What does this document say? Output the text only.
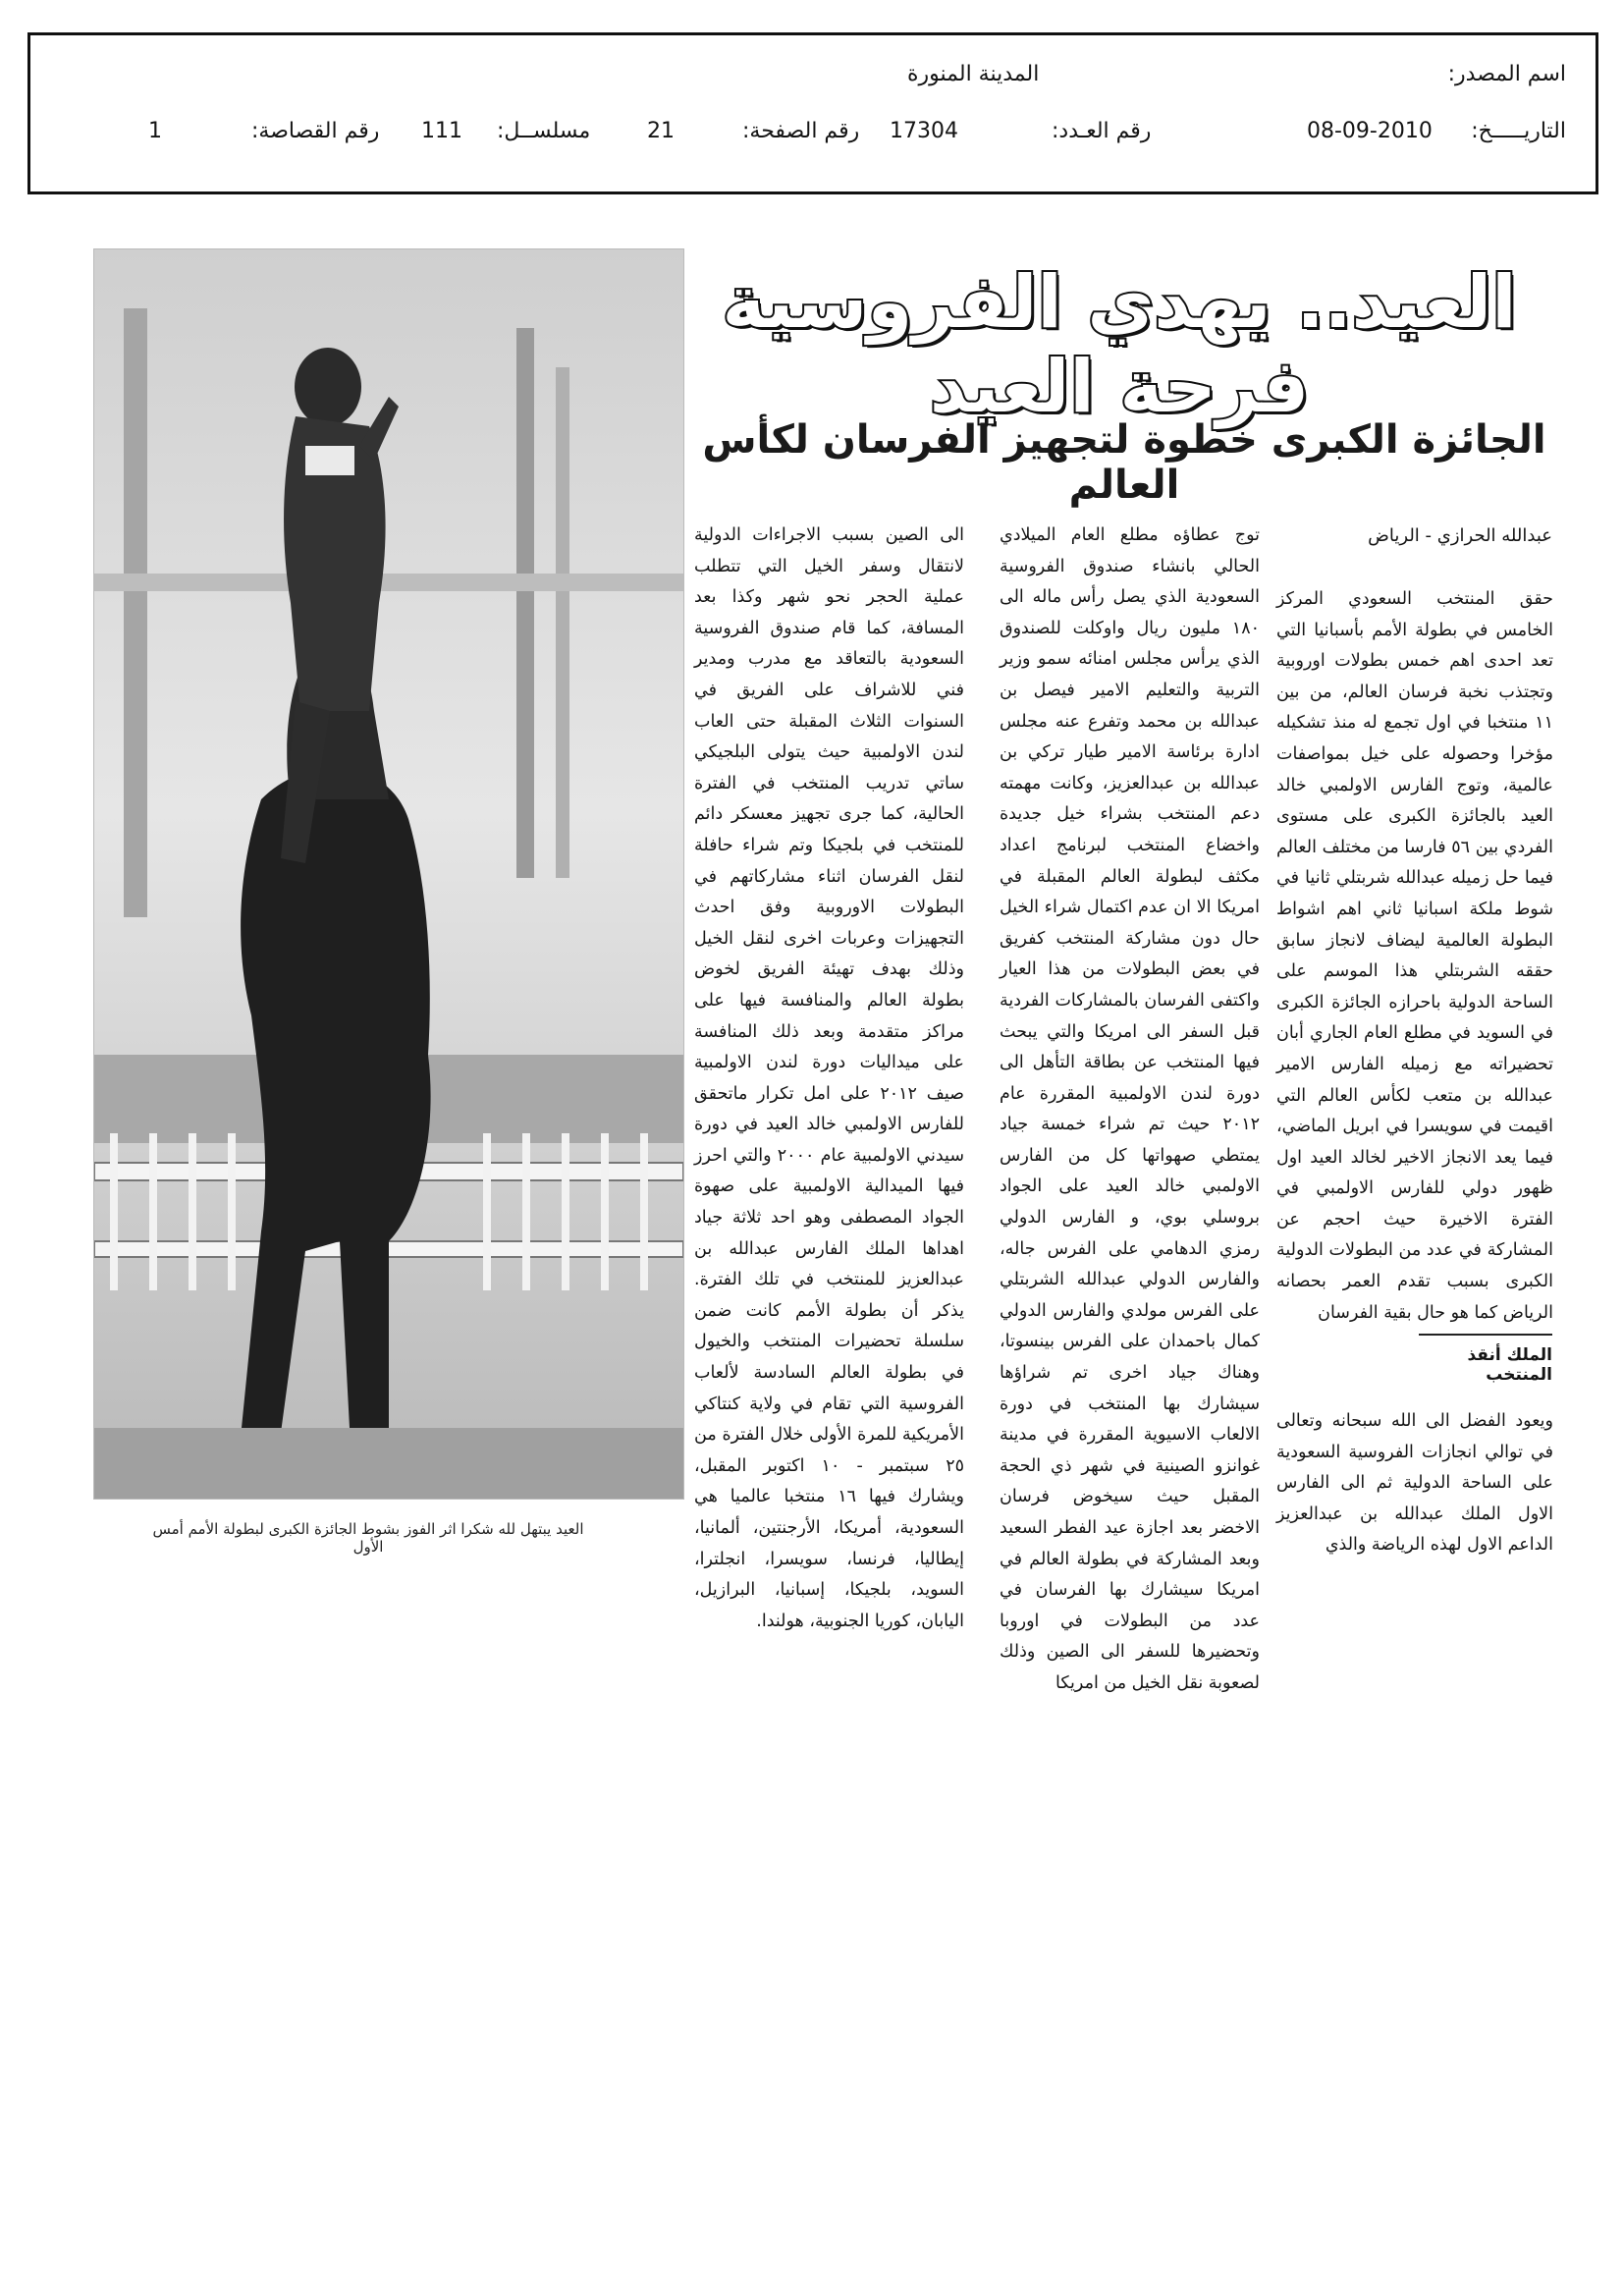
اسم المصدر:
المدينة المنورة
التاريـــــخ:
08-09-2010
رقم العـدد:
17304
رقم الصفحة:
21
مسلســل:
111
رقم القصاصة:
1
العيد يبتهل لله شكرا اثر الفوز بشوط الجائزة الكبرى لبطولة الأمم أمس الأول
العيد.. يهدي الفروسية فرحة العيد
الجائزة الكبرى خطوة لتجهيز الفرسان لكأس العالم
عبدالله الحرازي - الرياض

حقق المنتخب السعودي المركز الخامس في بطولة الأمم بأسبانيا التي تعد احدى اهم خمس بطولات اوروبية وتجتذب نخبة فرسان العالم، من بين ١١ منتخبا في اول تجمع له منذ تشكيله مؤخرا وحصوله على خيل بمواصفات عالمية، وتوج الفارس الاولمبي خالد العيد بالجائزة الكبرى على مستوى الفردي بين ٥٦ فارسا من مختلف العالم فيما حل زميله عبدالله شربتلي ثانيا في شوط ملكة اسبانيا ثاني اهم اشواط البطولة العالمية ليضاف لانجاز سابق حققه الشربتلي هذا الموسم على الساحة الدولية باحرازه الجائزة الكبرى في السويد في مطلع العام الجاري أبان تحضيراته مع زميله الفارس الامير عبدالله بن متعب لكأس العالم التي اقيمت في سويسرا في ابريل الماضي، فيما يعد الانجاز الاخير لخالد العيد اول ظهور دولي للفارس الاولمبي في الفترة الاخيرة حيث احجم عن المشاركة في عدد من البطولات الدولية الكبرى بسبب تقدم العمر بحصانه الرياض كما هو حال بقية الفرسان

الملك أنقذ المنتخب

ويعود الفضل الى الله سبحانه وتعالى في توالي انجازات الفروسية السعودية على الساحة الدولية ثم الى الفارس الاول الملك عبدالله بن عبدالعزيز الداعم الاول لهذه الرياضة والذي

توج عطاؤه مطلع العام الميلادي الحالي بانشاء صندوق الفروسية السعودية الذي يصل رأس ماله الى ١٨٠ مليون ريال واوكلت للصندوق الذي يرأس مجلس امنائه سمو وزير التربية والتعليم الامير فيصل بن عبدالله بن محمد وتفرع عنه مجلس ادارة برئاسة الامير طيار تركي بن عبدالله بن عبدالعزيز، وكانت مهمته دعم المنتخب بشراء خيل جديدة واخضاع المنتخب لبرنامج اعداد مكثف لبطولة العالم المقبلة في امريكا الا ان عدم اكتمال شراء الخيل حال دون مشاركة المنتخب كفريق في بعض البطولات من هذا العيار واكتفى الفرسان بالمشاركات الفردية قبل السفر الى امريكا والتي يبحث فيها المنتخب عن بطاقة التأهل الى دورة لندن الاولمبية المقررة عام ٢٠١٢ حيث تم شراء خمسة جياد يمتطي صهواتها كل من الفارس الاولمبي خالد العيد على الجواد بروسلي بوي، و الفارس الدولي رمزي الدهامي على الفرس جاله، والفارس الدولي عبدالله الشربتلي على الفرس مولدي والفارس الدولي كمال باحمدان على الفرس بينسوتا، وهناك جياد اخرى تم شراؤها سيشارك بها المنتخب في دورة الالعاب الاسيوية المقررة في مدينة غوانزو الصينية في شهر ذي الحجة المقبل حيث سيخوض فرسان الاخضر بعد اجازة عيد الفطر السعيد وبعد المشاركة في بطولة العالم في امريكا سيشارك بها الفرسان في عدد من البطولات في اوروبا وتحضيرها للسفر الى الصين وذلك لصعوبة نقل الخيل من امريكا

الى الصين بسبب الاجراءات الدولية لانتقال وسفر الخيل التي تتطلب عملية الحجر نحو شهر وكذا بعد المسافة، كما قام صندوق الفروسية السعودية بالتعاقد مع مدرب ومدير فني للاشراف على الفريق في السنوات الثلاث المقبلة حتى العاب لندن الاولمبية حيث يتولى البلجيكي ساتي تدريب المنتخب في الفترة الحالية، كما جرى تجهيز معسكر دائم للمنتخب في بلجيكا وتم شراء حافلة لنقل الفرسان اثناء مشاركاتهم في البطولات الاوروبية وفق احدث التجهيزات وعربات اخرى لنقل الخيل وذلك بهدف تهيئة الفريق لخوض بطولة العالم والمنافسة فيها على مراكز متقدمة وبعد ذلك المنافسة على ميداليات دورة لندن الاولمبية صيف ٢٠١٢ على امل تكرار ماتحقق للفارس الاولمبي خالد العيد في دورة سيدني الاولمبية عام ٢٠٠٠ والتي احرز فيها الميدالية الاولمبية على صهوة الجواد المصطفى وهو احد ثلاثة جياد اهداها الملك الفارس عبدالله بن عبدالعزيز للمنتخب في تلك الفترة. يذكر أن بطولة الأمم كانت ضمن سلسلة تحضيرات المنتخب والخيول في بطولة العالم السادسة لألعاب الفروسية التي تقام في ولاية كنتاكي الأمريكية للمرة الأولى خلال الفترة من ٢٥ سبتمبر - ١٠ اكتوبر المقبل، ويشارك فيها ١٦ منتخبا عالميا هي السعودية، أمريكا، الأرجنتين، ألمانيا، إيطاليا، فرنسا، سويسرا، انجلترا، السويد، بلجيكا، إسبانيا، البرازيل، اليابان، كوريا الجنوبية، هولندا.
